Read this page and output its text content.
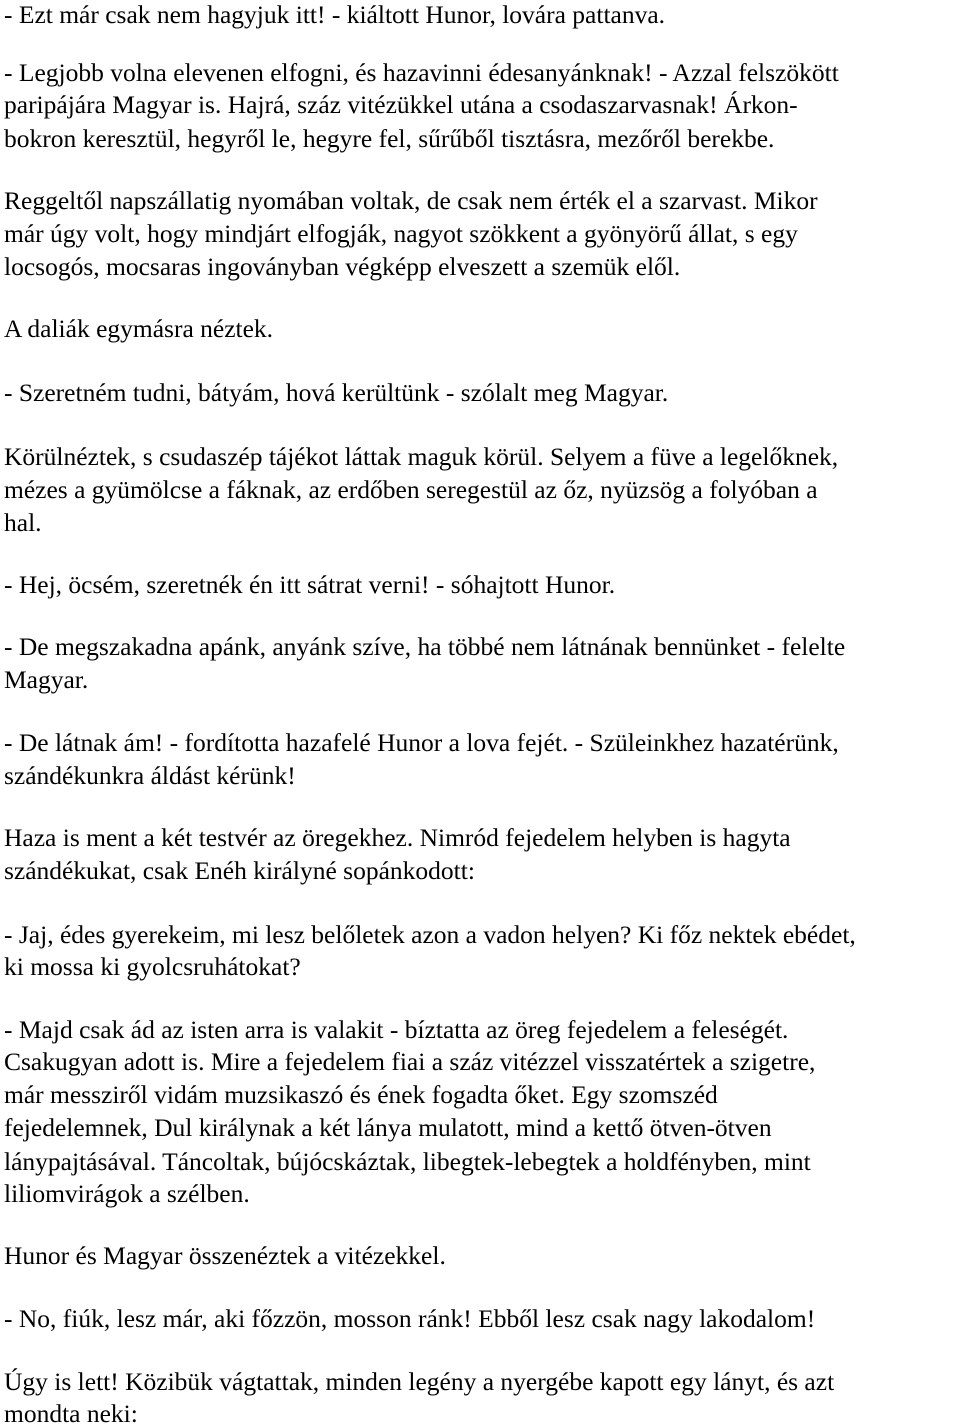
- Ezt már csak nem hagyjuk itt! - kiáltott Hunor, lovára pattanva.

- Legjobb volna elevenen elfogni, és hazavinni édesanyánknak! - Azzal felszökött

paripájára Magyar is. Hajrá, száz vitézükkel utána a csodaszarvasnak! Árkon-

bokron keresztül, hegyről le, hegyre fel, sűrűből tisztásra, mezőről berekbe.

Reggeltől napszállatig nyomában voltak, de csak nem érték el a szarvast. Mikor

már úgy volt, hogy mindjárt elfogják, nagyot szökkent a gyönyörű állat, s egy

locsogós, mocsaras ingoványban végképp elveszett a szemük elől.

A daliák egymásra néztek.

- Szeretném tudni, bátyám, hová kerültünk - szólalt meg Magyar.

Körülnéztek, s csudaszép tájékot láttak maguk körül. Selyem a füve a legelőknek,

mézes a gyümölcse a fáknak, az erdőben seregestül az őz, nyüzsög a folyóban a

hal.

- Hej, öcsém, szeretnék én itt sátrat verni! - sóhajtott Hunor.

- De megszakadna apánk, anyánk szíve, ha többé nem látnának bennünket - felelte

Magyar.

- De látnak ám! - fordította hazafelé Hunor a lova fejét. - Szüleinkhez hazatérünk,

szándékunkra áldást kérünk!

Haza is ment a két testvér az öregekhez. Nimród fejedelem helyben is hagyta

szándékukat, csak Enéh királyné sopánkodott:

- Jaj, édes gyerekeim, mi lesz belőletek azon a vadon helyen? Ki főz nektek ebédet,

ki mossa ki gyolcsruhátokat?

- Majd csak ád az isten arra is valakit - bíztatta az öreg fejedelem a feleségét.

Csakugyan adott is. Mire a fejedelem fiai a száz vitézzel visszatértek a szigetre,

már messziről vidám muzsikaszó és ének fogadta őket. Egy szomszéd

fejedelemnek, Dul királynak a két lánya mulatott, mind a kettő ötven-ötven

lánypajtásával. Táncoltak, bújócskáztak, libegtek-lebegtek a holdfényben, mint

liliomvirágok a szélben.

Hunor és Magyar összenéztek a vitézekkel.

- No, fiúk, lesz már, aki főzzön, mosson ránk! Ebből lesz csak nagy lakodalom!

Úgy is lett! Közibük vágtattak, minden legény a nyergébe kapott egy lányt, és azt

mondta neki:
